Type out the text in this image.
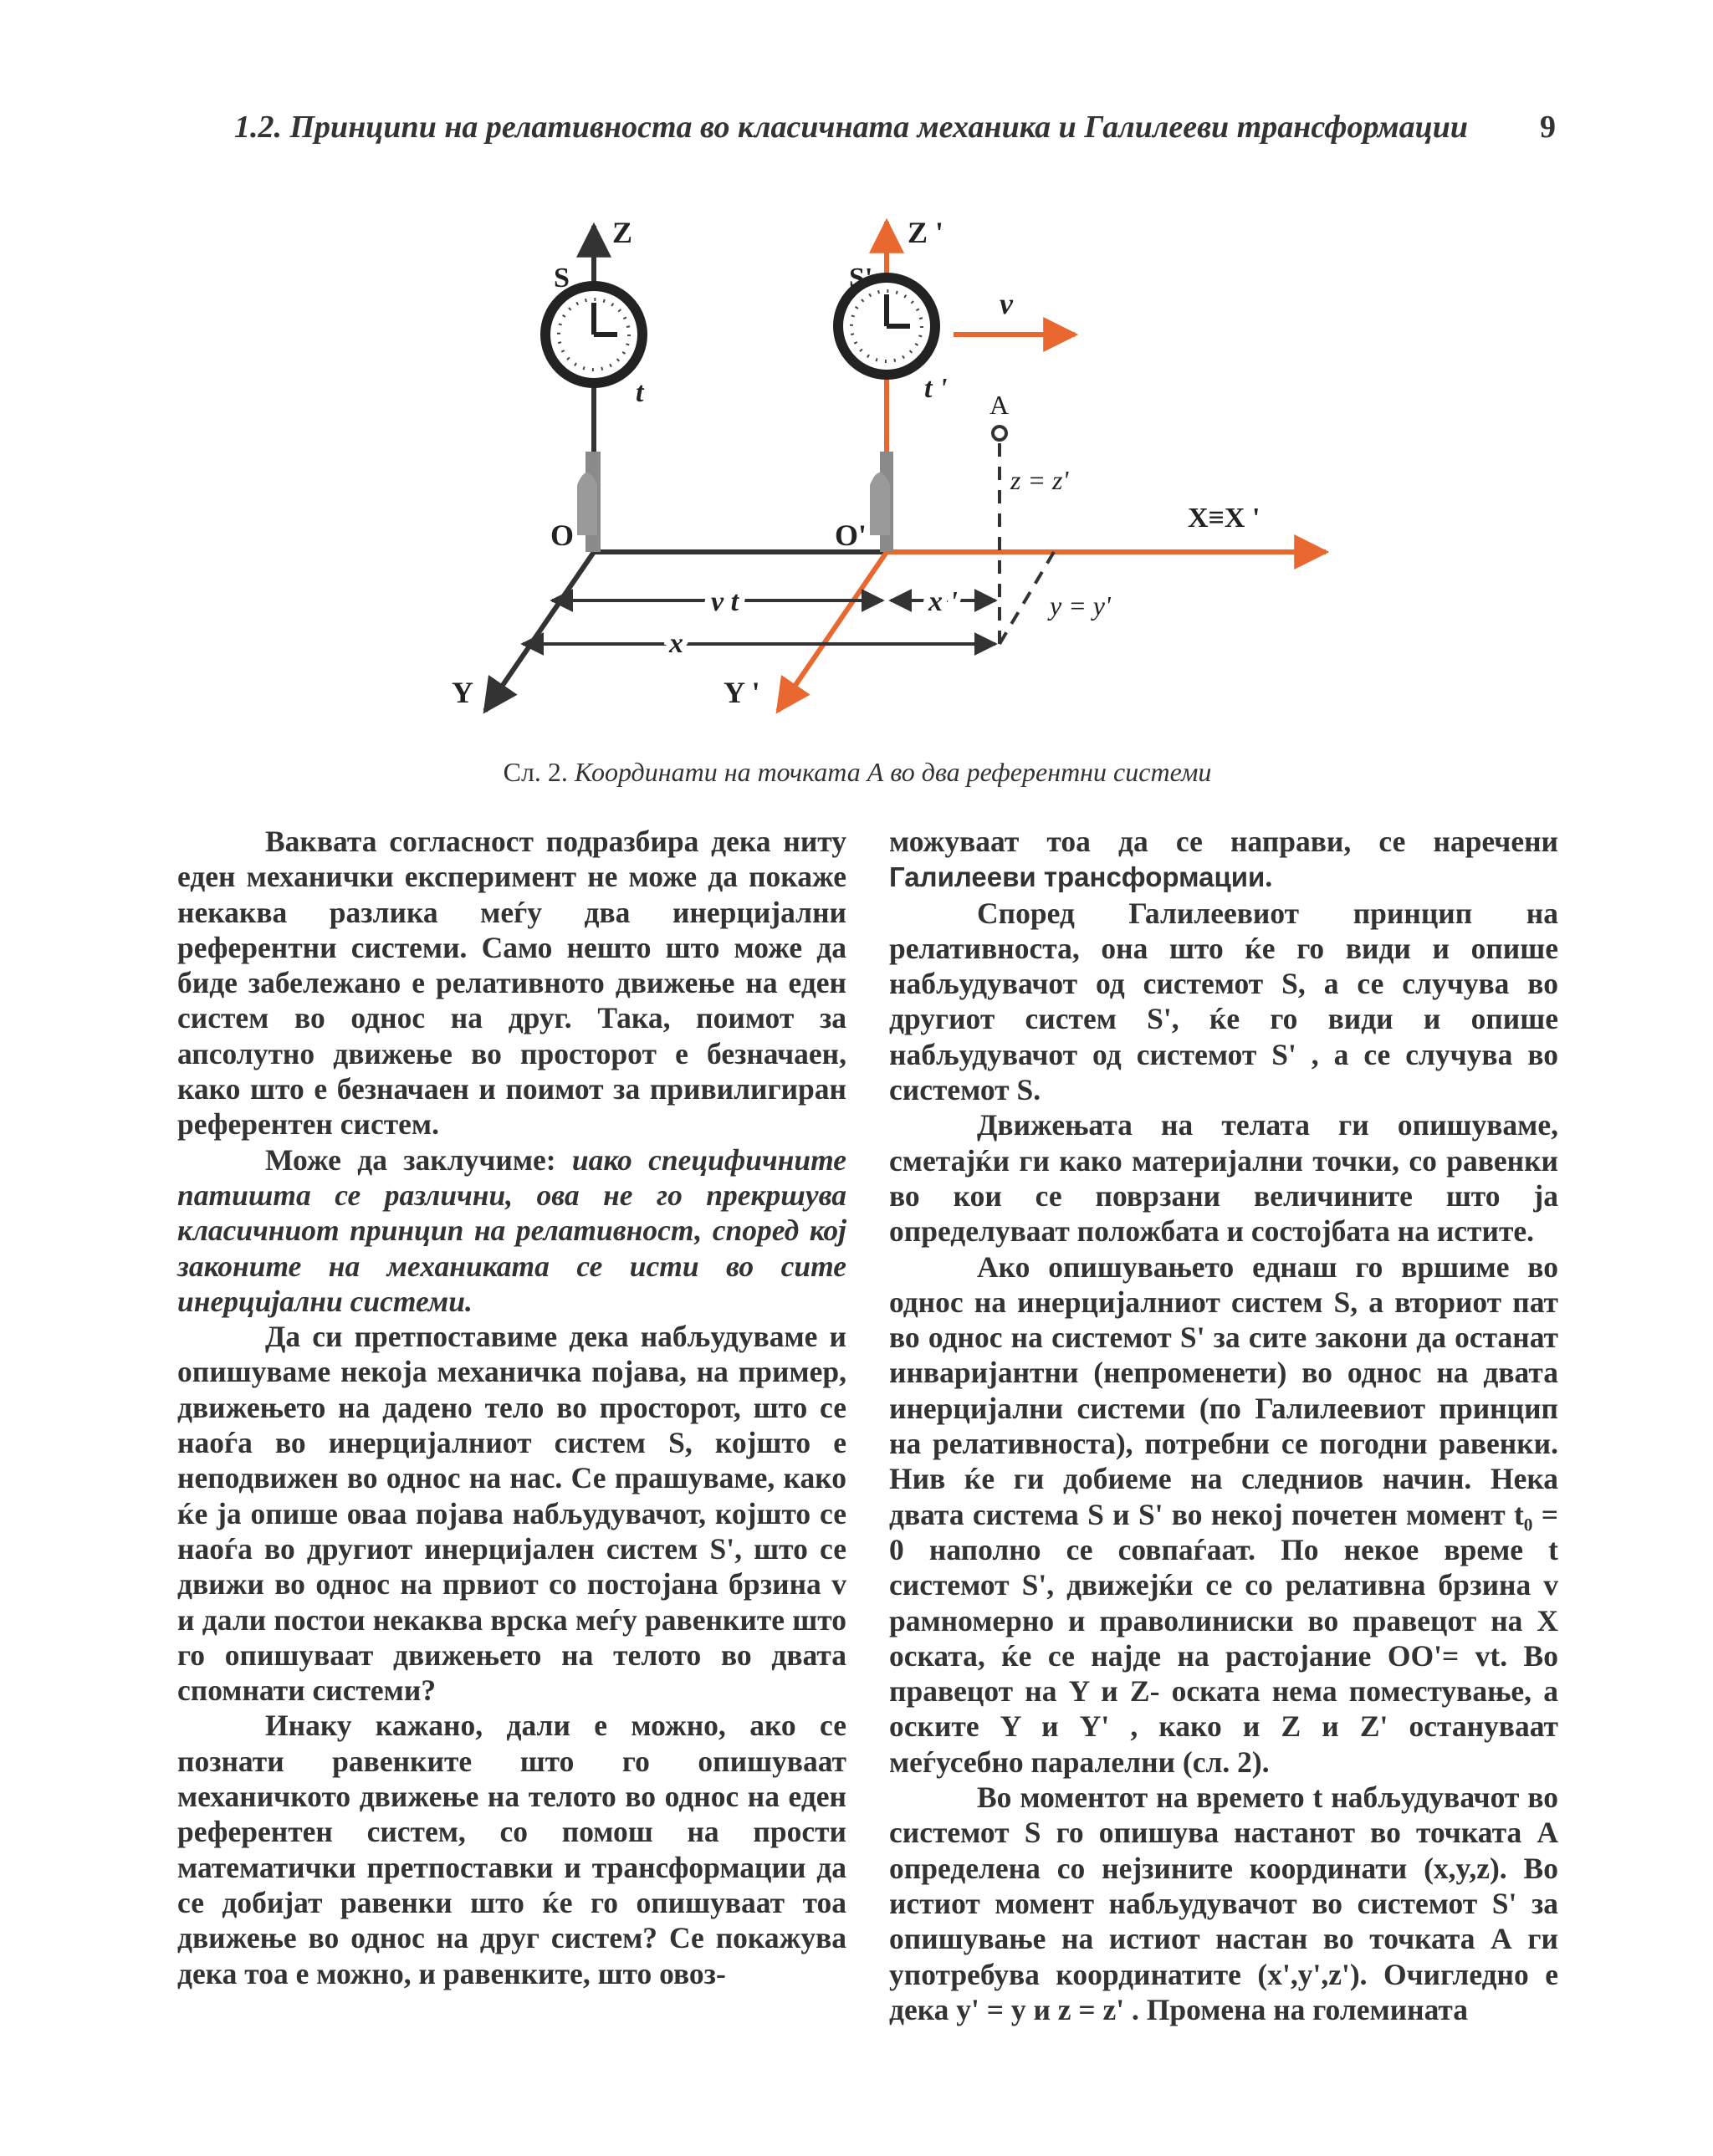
1.2. Принципи на релативноста во класичната механика и Галилееви трансформации 9
Z	Z '
S	S'
t	t '
v⃗
A
z = z'
X≡X '
O	O'
v t	x '	y = y'
x
Y	Y '
Сл. 2. Координати на точката А во два референтни системи

Ваквата согласност подразбира дека ниту еден механички експеримент не може да покаже некаква разлика меѓу два инерцијални референтни системи. Само нешто што може да биде забележано е релативното движење на еден систем во однос на друг. Така, поимот за апсолутно движење во просторот е безначаен, како што е безначаен и поимот за привилигиран референтен систем.

Може да заклучиме: иако специфичните патишта се различни, ова не го прекршува класичниот принцип на релативност, според кој законите на механиката се исти во сите инерцијални системи.

Да си претпоставиме дека набљудуваме и опишуваме некоја механичка појава, на пример, движењето на дадено тело во просторот, што се наоѓа во инерцијалниот систем S, којшто е неподвижен во однос на нас. Се прашуваме, како ќе ја опише оваа појава набљудувачот, којшто се наоѓа во другиот инерцијален систем S', што се движи во однос на првиот со постојана брзина v и дали постои некаква врска меѓу равенките што го опишуваат движењето на телото во двата спомнати системи?

Инаку кажано, дали е можно, ако се познати равенките што го опишуваат механичкото движење на телото во однос на еден референтен систем, со помош на прости математички претпоставки и трансформации да се добијат равенки што ќе го опишуваат тоа движење во однос на друг систем? Се покажува дека тоа е можно, и равенките, што овоз-

можуваат тоа да се направи, се наречени Галилееви трансформации.

Според Галилеевиот принцип на релативноста, она што ќе го види и опише набљудувачот од системот S, а се случува во другиот систем S', ќе го види и опише набљудувачот од системот S' , а се случува во системот S.

Движењата на телата ги опишуваме, сметајќи ги како материјални точки, со равенки во кои се поврзани величините што ја определуваат положбата и состојбата на истите.

Ако опишувањето еднаш го вршиме во однос на инерцијалниот систем S, а вториот пат во однос на системот S' за сите закони да останат инваријантни (непроменети) во однос на двата инерцијални системи (по Галилеевиот принцип на релативноста), потребни се погодни равенки. Нив ќе ги добиеме на следниов начин. Нека двата система S и S' во некој почетен момент t₀ = 0 наполно се совпаѓаат. По некое време t системот S', движејќи се со релативна брзина v рамномерно и праволиниски во правецот на X оската, ќе се најде на растојание OO'= vt. Во правецот на Y и Z- оската нема поместување, а оските Y и Y' , како и Z и Z' остануваат меѓусебно паралелни (сл. 2).

Во моментот на времето t набљудувачот во системот S го опишува настанот во точката А определена со нејзините координати (x,y,z). Во истиот момент набљудувачот во системот S' за опишување на истиот настан во точката А ги употребува координатите (x',y',z'). Очигледно е дека y' = y и z = z' . Промена на големината
